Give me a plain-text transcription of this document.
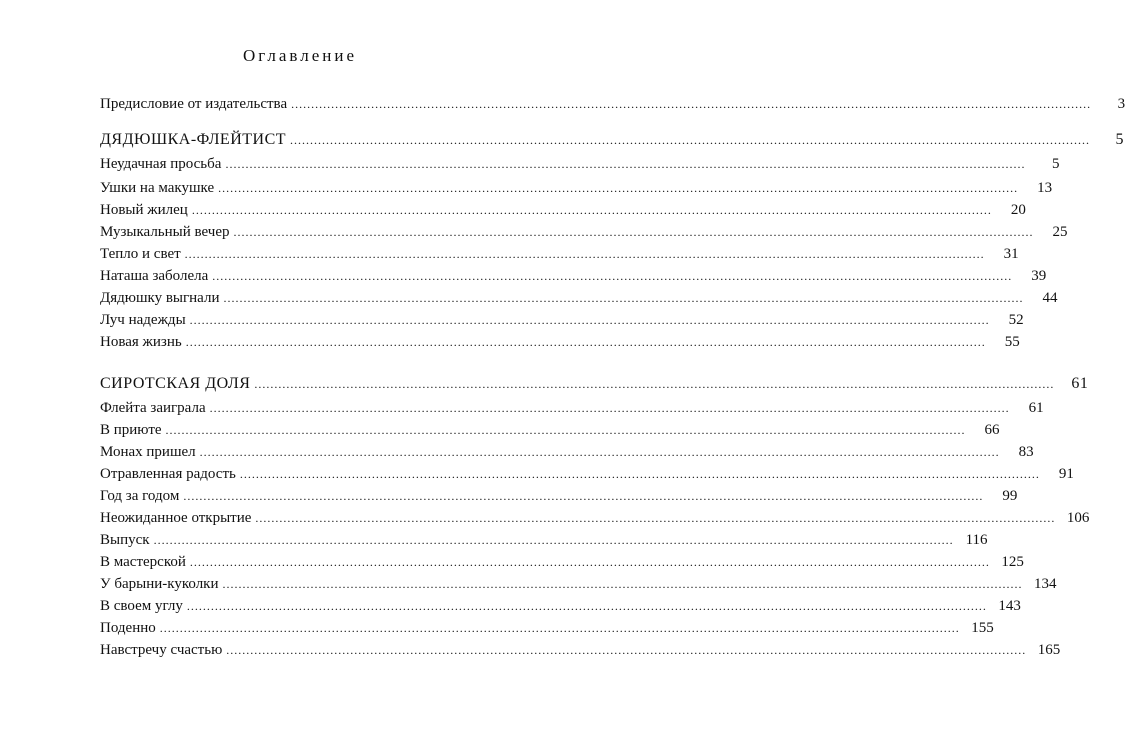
Оглавление
Предисловие от издательства ........................................................................................................................................................................................................	3
ДЯДЮШКА-ФЛЕЙТИСТ ........................................................................................................................................................................................................	5
Неудачная просьба ........................................................................................................................................................................................................	5
Ушки на макушке ........................................................................................................................................................................................................	13
Новый жилец ........................................................................................................................................................................................................	20
Музыкальный вечер ........................................................................................................................................................................................................	25
Тепло и свет ........................................................................................................................................................................................................	31
Наташа заболела ........................................................................................................................................................................................................	39
Дядюшку выгнали ........................................................................................................................................................................................................	44
Луч надежды ........................................................................................................................................................................................................	52
Новая жизнь ........................................................................................................................................................................................................	55
СИРОТСКАЯ ДОЛЯ ........................................................................................................................................................................................................	61
Флейта заиграла ........................................................................................................................................................................................................	61
В приюте ........................................................................................................................................................................................................	66
Монах пришел ........................................................................................................................................................................................................	83
Отравленная радость ........................................................................................................................................................................................................	91
Год за годом ........................................................................................................................................................................................................	99
Неожиданное открытие ........................................................................................................................................................................................................ 106
Выпуск ........................................................................................................................................................................................................ 116
В мастерской ........................................................................................................................................................................................................ 125
У барыни-куколки ........................................................................................................................................................................................................ 134
В своем углу ........................................................................................................................................................................................................ 143
Поденно ........................................................................................................................................................................................................ 155
Навстречу счастью ........................................................................................................................................................................................................ 165
